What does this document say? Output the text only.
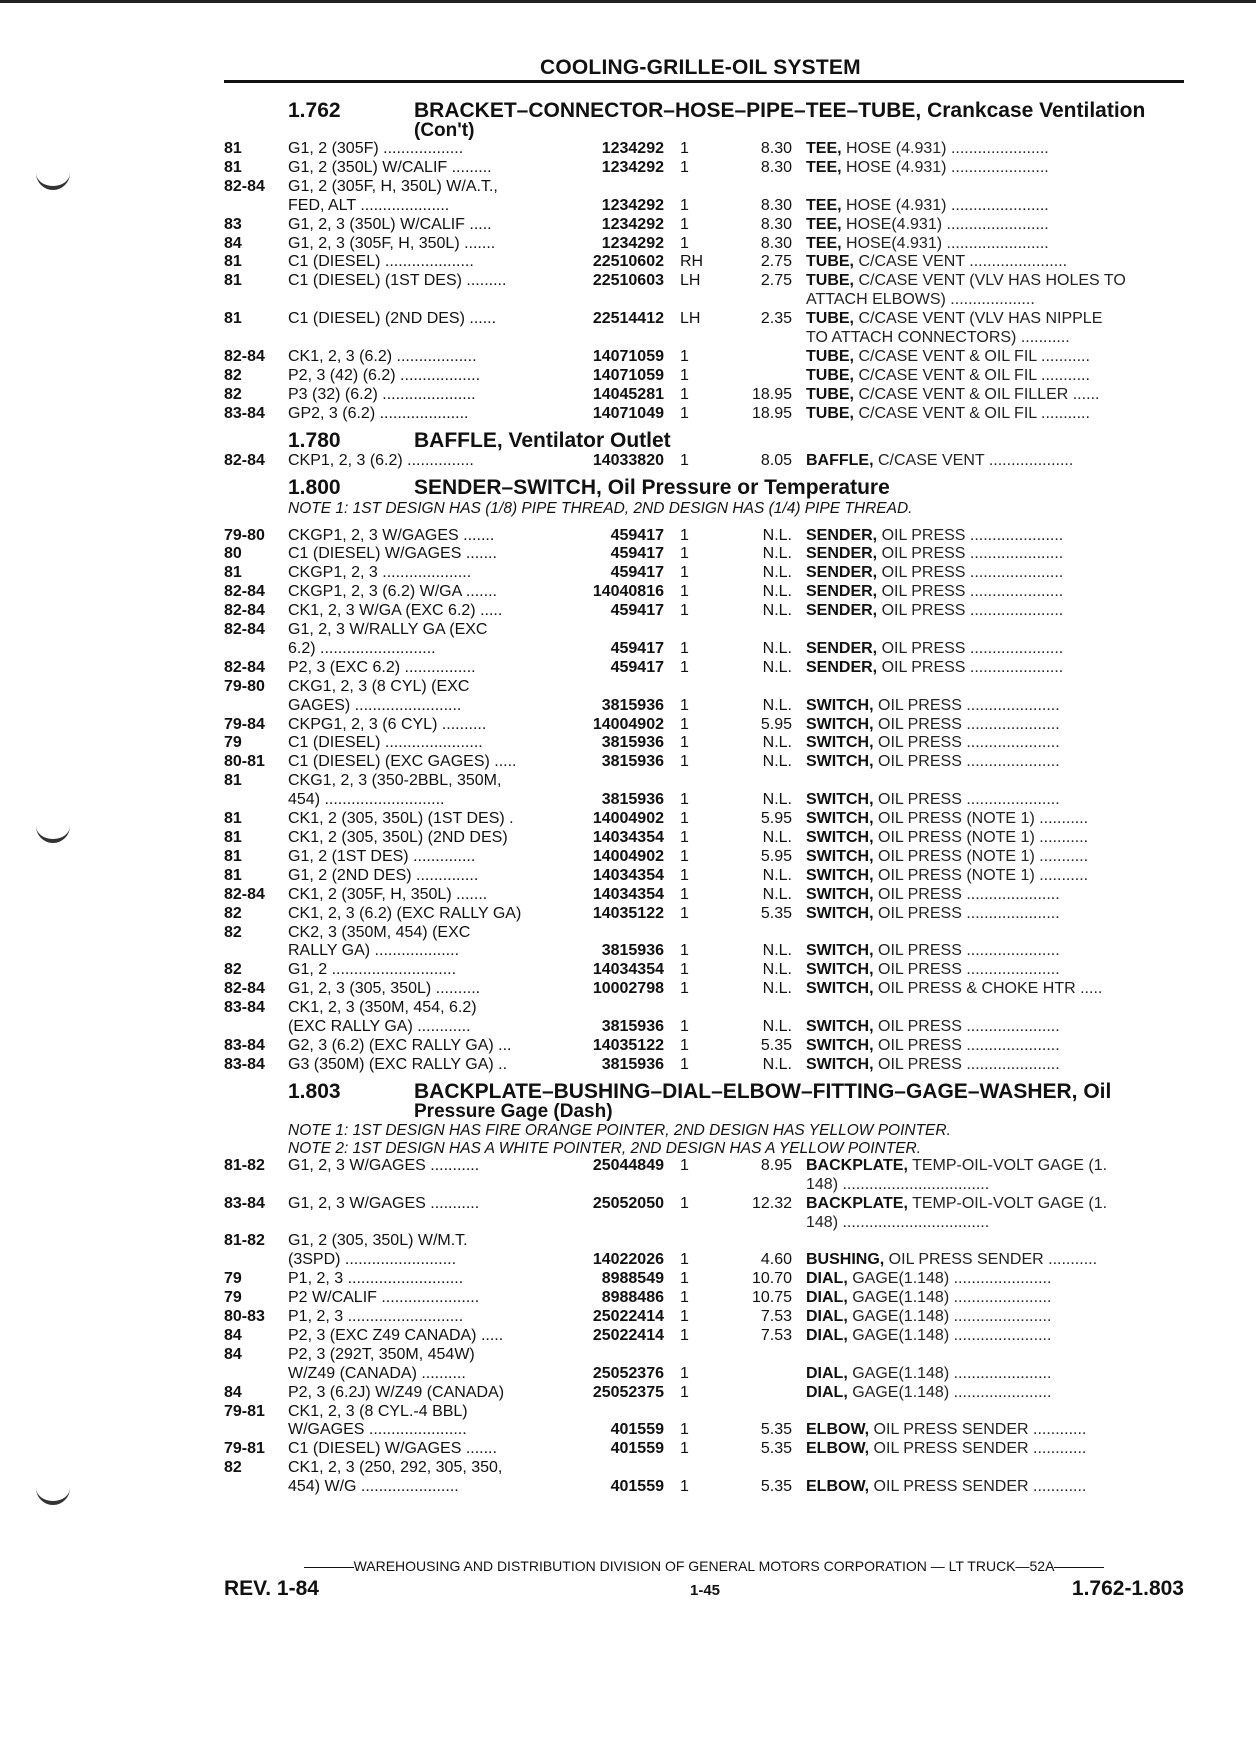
COOLING-GRILLE-OIL SYSTEM
1.762	BRACKET–CONNECTOR–HOSE–PIPE–TEE–TUBE, Crankcase Ventilation
(Con't)
81	G1, 2 (305F) ..................	1234292	1	8.30 TEE, HOSE (4.931) ......................
81	G1, 2 (350L) W/CALIF .........	1234292	1	8.30 TEE, HOSE (4.931) ......................
82-84	G1, 2 (305F, H, 350L) W/A.T.,
FED, ALT ....................	1234292	1	8.30 TEE, HOSE (4.931) ......................
83	G1, 2, 3 (350L) W/CALIF .....	1234292	1	8.30 TEE, HOSE(4.931) .......................
84	G1, 2, 3 (305F, H, 350L) .......	1234292	1	8.30 TEE, HOSE(4.931) .......................
81	C1 (DIESEL) ....................	22510602	RH	2.75 TUBE, C/CASE VENT ......................
81	C1 (DIESEL) (1ST DES) .........	22510603	LH	2.75 TUBE, C/CASE VENT (VLV HAS HOLES TO
ATTACH ELBOWS) ...................
81	C1 (DIESEL) (2ND DES) ......	22514412	LH	2.35 TUBE, C/CASE VENT (VLV HAS NIPPLE
TO ATTACH CONNECTORS) ...........
82-84	CK1, 2, 3 (6.2) ..................	14071059	1	TUBE, C/CASE VENT & OIL FIL ...........
82	P2, 3 (42) (6.2) ..................	14071059	1	TUBE, C/CASE VENT & OIL FIL ...........
82	P3 (32) (6.2) .....................	14045281	1	18.95 TUBE, C/CASE VENT & OIL FILLER ......
83-84	GP2, 3 (6.2) ....................	14071049	1	18.95 TUBE, C/CASE VENT & OIL FIL ...........
1.780	BAFFLE, Ventilator Outlet
82-84	CKP1, 2, 3 (6.2) ...............	14033820	1	8.05 BAFFLE, C/CASE VENT ...................
1.800	SENDER–SWITCH, Oil Pressure or Temperature
NOTE 1: 1ST DESIGN HAS (1/8) PIPE THREAD, 2ND DESIGN HAS (1/4) PIPE THREAD.
79-80	CKGP1, 2, 3 W/GAGES .......	459417	1	N.L. SENDER, OIL PRESS .....................
80	C1 (DIESEL) W/GAGES .......	459417	1	N.L. SENDER, OIL PRESS .....................
81	CKGP1, 2, 3 ....................	459417	1	N.L. SENDER, OIL PRESS .....................
82-84	CKGP1, 2, 3 (6.2) W/GA .......	14040816	1	N.L. SENDER, OIL PRESS .....................
82-84	CK1, 2, 3 W/GA (EXC 6.2) .....	459417	1	N.L. SENDER, OIL PRESS .....................
82-84	G1, 2, 3 W/RALLY GA (EXC
6.2) ..........................	459417	1	N.L. SENDER, OIL PRESS .....................
82-84	P2, 3 (EXC 6.2) ................	459417	1	N.L. SENDER, OIL PRESS .....................
79-80	CKG1, 2, 3 (8 CYL) (EXC
GAGES) ........................	3815936	1	N.L. SWITCH, OIL PRESS .....................
79-84	CKPG1, 2, 3 (6 CYL) ..........	14004902	1	5.95 SWITCH, OIL PRESS .....................
79	C1 (DIESEL) ......................	3815936	1	N.L. SWITCH, OIL PRESS .....................
80-81	C1 (DIESEL) (EXC GAGES) .....	3815936	1	N.L. SWITCH, OIL PRESS .....................
81	CKG1, 2, 3 (350-2BBL, 350M,
454) ...........................	3815936	1	N.L. SWITCH, OIL PRESS .....................
81	CK1, 2 (305, 350L) (1ST DES) .	14004902	1	5.95 SWITCH, OIL PRESS (NOTE 1) ...........
81	CK1, 2 (305, 350L) (2ND DES)	14034354	1	N.L. SWITCH, OIL PRESS (NOTE 1) ...........
81	G1, 2 (1ST DES) ..............	14004902	1	5.95 SWITCH, OIL PRESS (NOTE 1) ...........
81	G1, 2 (2ND DES) ..............	14034354	1	N.L. SWITCH, OIL PRESS (NOTE 1) ...........
82-84	CK1, 2 (305F, H, 350L) .......	14034354	1	N.L. SWITCH, OIL PRESS .....................
82	CK1, 2, 3 (6.2) (EXC RALLY GA)	14035122	1	5.35 SWITCH, OIL PRESS .....................
82	CK2, 3 (350M, 454) (EXC
RALLY GA) ...................	3815936	1	N.L. SWITCH, OIL PRESS .....................
82	G1, 2 ............................	14034354	1	N.L. SWITCH, OIL PRESS .....................
82-84	G1, 2, 3 (305, 350L) ..........	10002798	1	N.L. SWITCH, OIL PRESS & CHOKE HTR .....
83-84	CK1, 2, 3 (350M, 454, 6.2)
(EXC RALLY GA) ............	3815936	1	N.L. SWITCH, OIL PRESS .....................
83-84	G2, 3 (6.2) (EXC RALLY GA) ...	14035122	1	5.35 SWITCH, OIL PRESS .....................
83-84	G3 (350M) (EXC RALLY GA) ..	3815936	1	N.L. SWITCH, OIL PRESS .....................
1.803	BACKPLATE–BUSHING–DIAL–ELBOW–FITTING–GAGE–WASHER, Oil
Pressure Gage (Dash)
NOTE 1: 1ST DESIGN HAS FIRE ORANGE POINTER, 2ND DESIGN HAS YELLOW POINTER.
NOTE 2: 1ST DESIGN HAS A WHITE POINTER, 2ND DESIGN HAS A YELLOW POINTER.
81-82	G1, 2, 3 W/GAGES ...........	25044849	1	8.95 BACKPLATE, TEMP-OIL-VOLT GAGE (1.
148) .................................
83-84	G1, 2, 3 W/GAGES ...........	25052050	1	12.32 BACKPLATE, TEMP-OIL-VOLT GAGE (1.
148) .................................
81-82	G1, 2 (305, 350L) W/M.T.
(3SPD) .........................	14022026	1	4.60 BUSHING, OIL PRESS SENDER ...........
79	P1, 2, 3 ..........................	8988549	1	10.70 DIAL, GAGE(1.148) ......................
79	P2 W/CALIF ......................	8988486	1	10.75 DIAL, GAGE(1.148) ......................
80-83	P1, 2, 3 ..........................	25022414	1	7.53 DIAL, GAGE(1.148) ......................
84	P2, 3 (EXC Z49 CANADA) .....	25022414	1	7.53 DIAL, GAGE(1.148) ......................
84	P2, 3 (292T, 350M, 454W)
W/Z49 (CANADA) ..........	25052376	1	DIAL, GAGE(1.148) ......................
84	P2, 3 (6.2J) W/Z49 (CANADA)	25052375	1	DIAL, GAGE(1.148) ......................
79-81	CK1, 2, 3 (8 CYL.-4 BBL)
W/GAGES ......................	401559	1	5.35 ELBOW, OIL PRESS SENDER ............
79-81	C1 (DIESEL) W/GAGES .......	401559	1	5.35 ELBOW, OIL PRESS SENDER ............
82	CK1, 2, 3 (250, 292, 305, 350,
454) W/G ......................	401559	1	5.35 ELBOW, OIL PRESS SENDER ............
WAREHOUSING AND DISTRIBUTION DIVISION OF GENERAL MOTORS CORPORATION — LT TRUCK—52A
REV. 1-84	1-45	1.762-1.803
